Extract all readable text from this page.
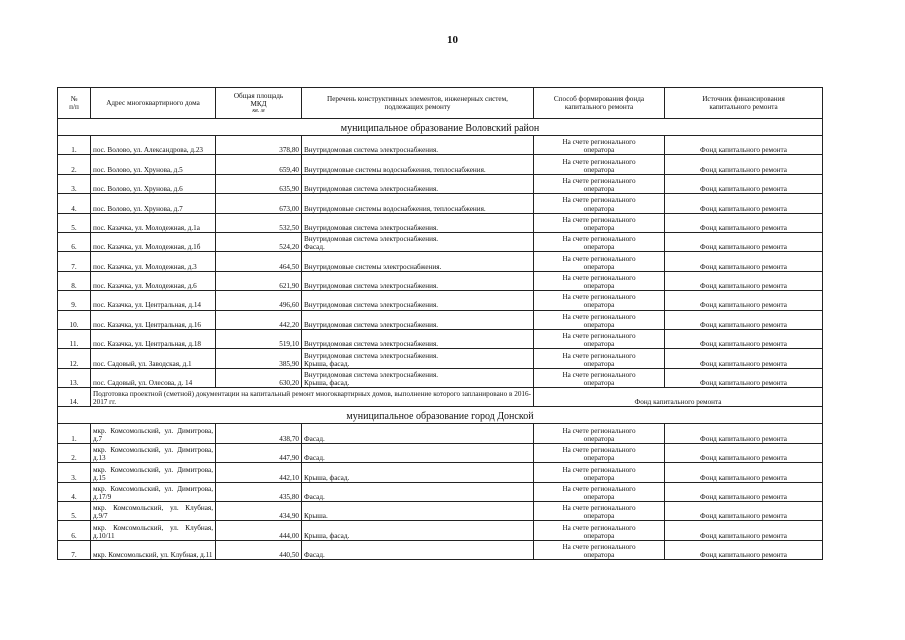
10
№
п/п	Адрес многоквартирного дома	Общая площадь
МКД
кв. м	Перечень конструктивных элементов, инженерных систем,
подлежащих ремонту	Способ формирования фонда
капитального ремонта	Источник финансирования
капитального ремонта
муниципальное образование Воловский район					
1.	пос. Волово, ул. Александрова, д.23	378,80	Внутридомовая система электроснабжения.	На счете регионального
оператора	Фонд капитального ремонта

2.	пос. Волово, ул. Хрунова, д.5	659,40	Внутридомовые системы водоснабжения, теплоснабжения.	На счете регионального
оператора	Фонд капитального ремонта

3.	пос. Волово, ул. Хрунова, д.6	635,90	Внутридомовая система электроснабжения.	На счете регионального
оператора	Фонд капитального ремонта

4.	пос. Волово, ул. Хрунова, д.7	673,00	Внутридомовые системы водоснабжения, теплоснабжения.	На счете регионального
оператора	Фонд капитального ремонта

5.	пос. Казачка, ул. Молодежная, д.1а	532,50	Внутридомовая система электроснабжения.	На счете регионального
оператора	Фонд капитального ремонта

6.	пос. Казачка, ул. Молодежная, д.1б	524,20	Внутридомовая система электроснабжения.
Фасад.	На счете регионального
оператора	Фонд капитального ремонта

7.	пос. Казачка, ул. Молодежная, д.3	464,50	Внутридомовые системы электроснабжения.	На счете регионального
оператора	Фонд капитального ремонта

8.	пос. Казачка, ул. Молодежная, д.6	621,90	Внутридомовая система электроснабжения.	На счете регионального
оператора	Фонд капитального ремонта

9.	пос. Казачка, ул. Центральная, д.14	496,60	Внутридомовая система электроснабжения.	На счете регионального
оператора	Фонд капитального ремонта

10.	пос. Казачка, ул. Центральная, д.16	442,20	Внутридомовая система электроснабжения.	На счете регионального
оператора	Фонд капитального ремонта

11.	пос. Казачка, ул. Центральная, д.18	519,10	Внутридомовая система электроснабжения.	На счете регионального
оператора	Фонд капитального ремонта

12.	пос. Садовый, ул. Заводская, д.1	385,90	Внутридомовая система электроснабжения.
Крыша, фасад.	На счете регионального
оператора	Фонд капитального ремонта

13.	пос. Садовый, ул. Олесова, д. 14	630,20	Внутридомовая система электроснабжения.
Крыша, фасад.	На счете регионального
оператора	Фонд капитального ремонта

14.	Подготовка проектной (сметной) документации на капитальный ремонт многоквартирных домов, выполнение которого запланировано в 2016-2017 гг.			Фонд капитального ремонта	

муниципальное образование город Донской					
1.	мкр. Комсомольский, ул. Димитрова, д.7	438,70	Фасад.	На счете регионального
оператора	Фонд капитального ремонта

2.	мкр. Комсомольский, ул. Димитрова, д.13	447,90	Фасад.	На счете регионального
оператора	Фонд капитального ремонта

3.	мкр. Комсомольский, ул. Димитрова, д.15	442,10	Крыша, фасад.	На счете регионального
оператора	Фонд капитального ремонта

4.	мкр. Комсомольский, ул. Димитрова, д.17/9	435,80	Фасад.	На счете регионального
оператора	Фонд капитального ремонта

5.	мкр. Комсомольский, ул. Клубная, д.9/7	434,90	Крыша.	На счете регионального
оператора	Фонд капитального ремонта

6.	мкр. Комсомольский, ул. Клубная, д.10/11	444,00	Крыша, фасад.	На счете регионального
оператора	Фонд капитального ремонта

7.	мкр. Комсомольский, ул. Клубная, д.11	440,50	Фасад.	На счете регионального
оператора	Фонд капитального ремонта
